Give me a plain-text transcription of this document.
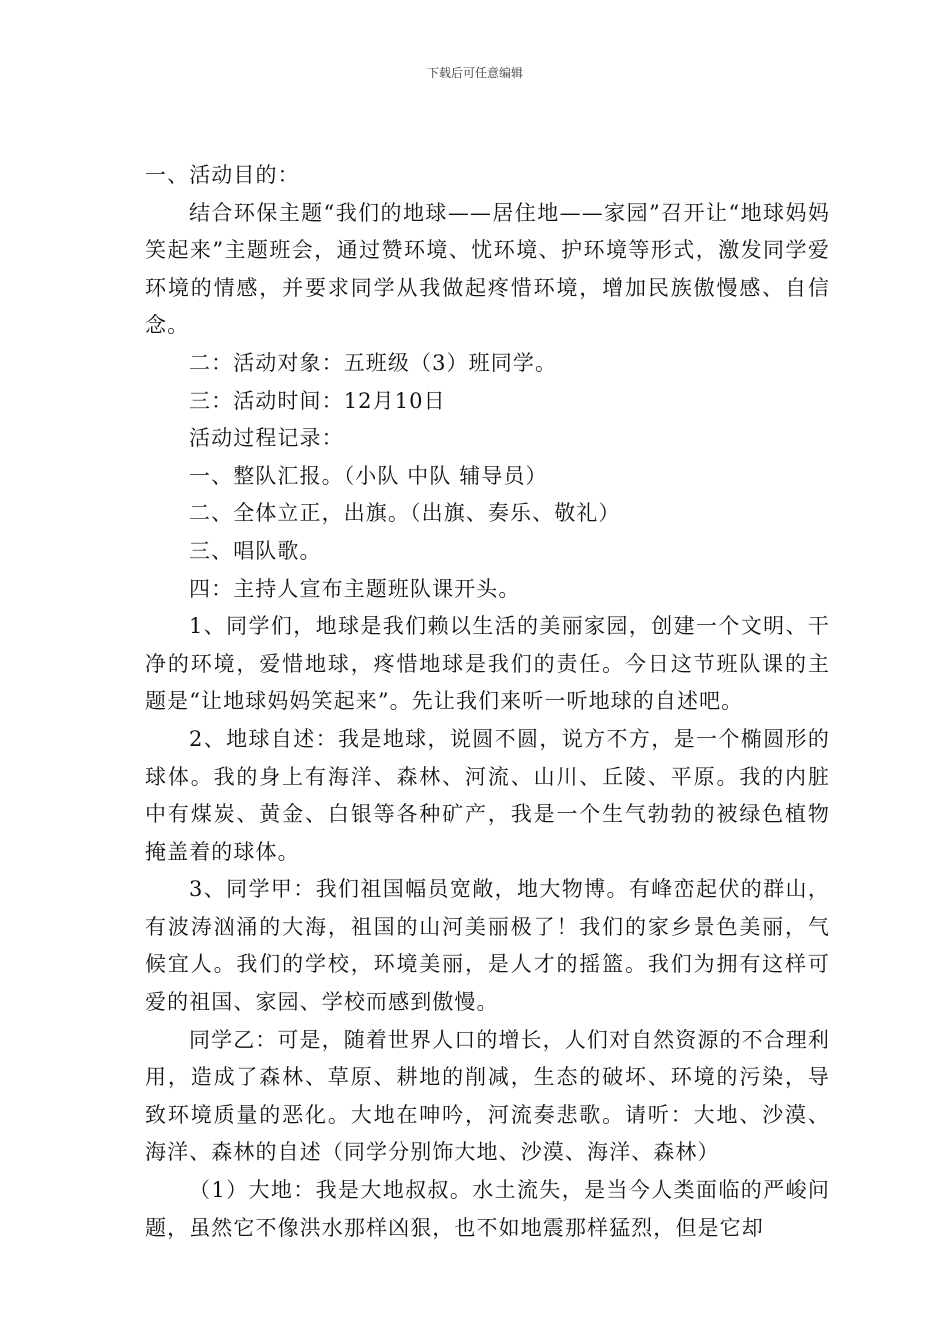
下载后可任意编辑

一、活动目的：

结合环保主题“我们的地球——居住地——家园”召开让“地球妈妈笑起来”主题班会，通过赞环境、忧环境、护环境等形式，激发同学爱环境的情感，并要求同学从我做起疼惜环境，增加民族傲慢感、自信念。

二：活动对象：五班级（3）班同学。

三：活动时间：12月10日

活动过程记录：

一、整队汇报。（小队 中队 辅导员）

二、全体立正，出旗。（出旗、奏乐、敬礼）

三、唱队歌。

四：主持人宣布主题班队课开头。

1、同学们，地球是我们赖以生活的美丽家园，创建一个文明、干净的环境，爱惜地球，疼惜地球是我们的责任。今日这节班队课的主题是“让地球妈妈笑起来”。先让我们来听一听地球的自述吧。

2、地球自述：我是地球，说圆不圆，说方不方，是一个椭圆形的球体。我的身上有海洋、森林、河流、山川、丘陵、平原。我的内脏中有煤炭、黄金、白银等各种矿产，我是一个生气勃勃的被绿色植物掩盖着的球体。

3、同学甲：我们祖国幅员宽敞，地大物博。有峰峦起伏的群山，有波涛汹涌的大海，祖国的山河美丽极了！我们的家乡景色美丽，气候宜人。我们的学校，环境美丽，是人才的摇篮。我们为拥有这样可爱的祖国、家园、学校而感到傲慢。

同学乙：可是，随着世界人口的增长，人们对自然资源的不合理利用，造成了森林、草原、耕地的削减，生态的破坏、环境的污染，导致环境质量的恶化。大地在呻吟，河流奏悲歌。请听：大地、沙漠、海洋、森林的自述（同学分别饰大地、沙漠、海洋、森林）

（1）大地：我是大地叔叔。水土流失，是当今人类面临的严峻问题，虽然它不像洪水那样凶狠，也不如地震那样猛烈，但是它却
